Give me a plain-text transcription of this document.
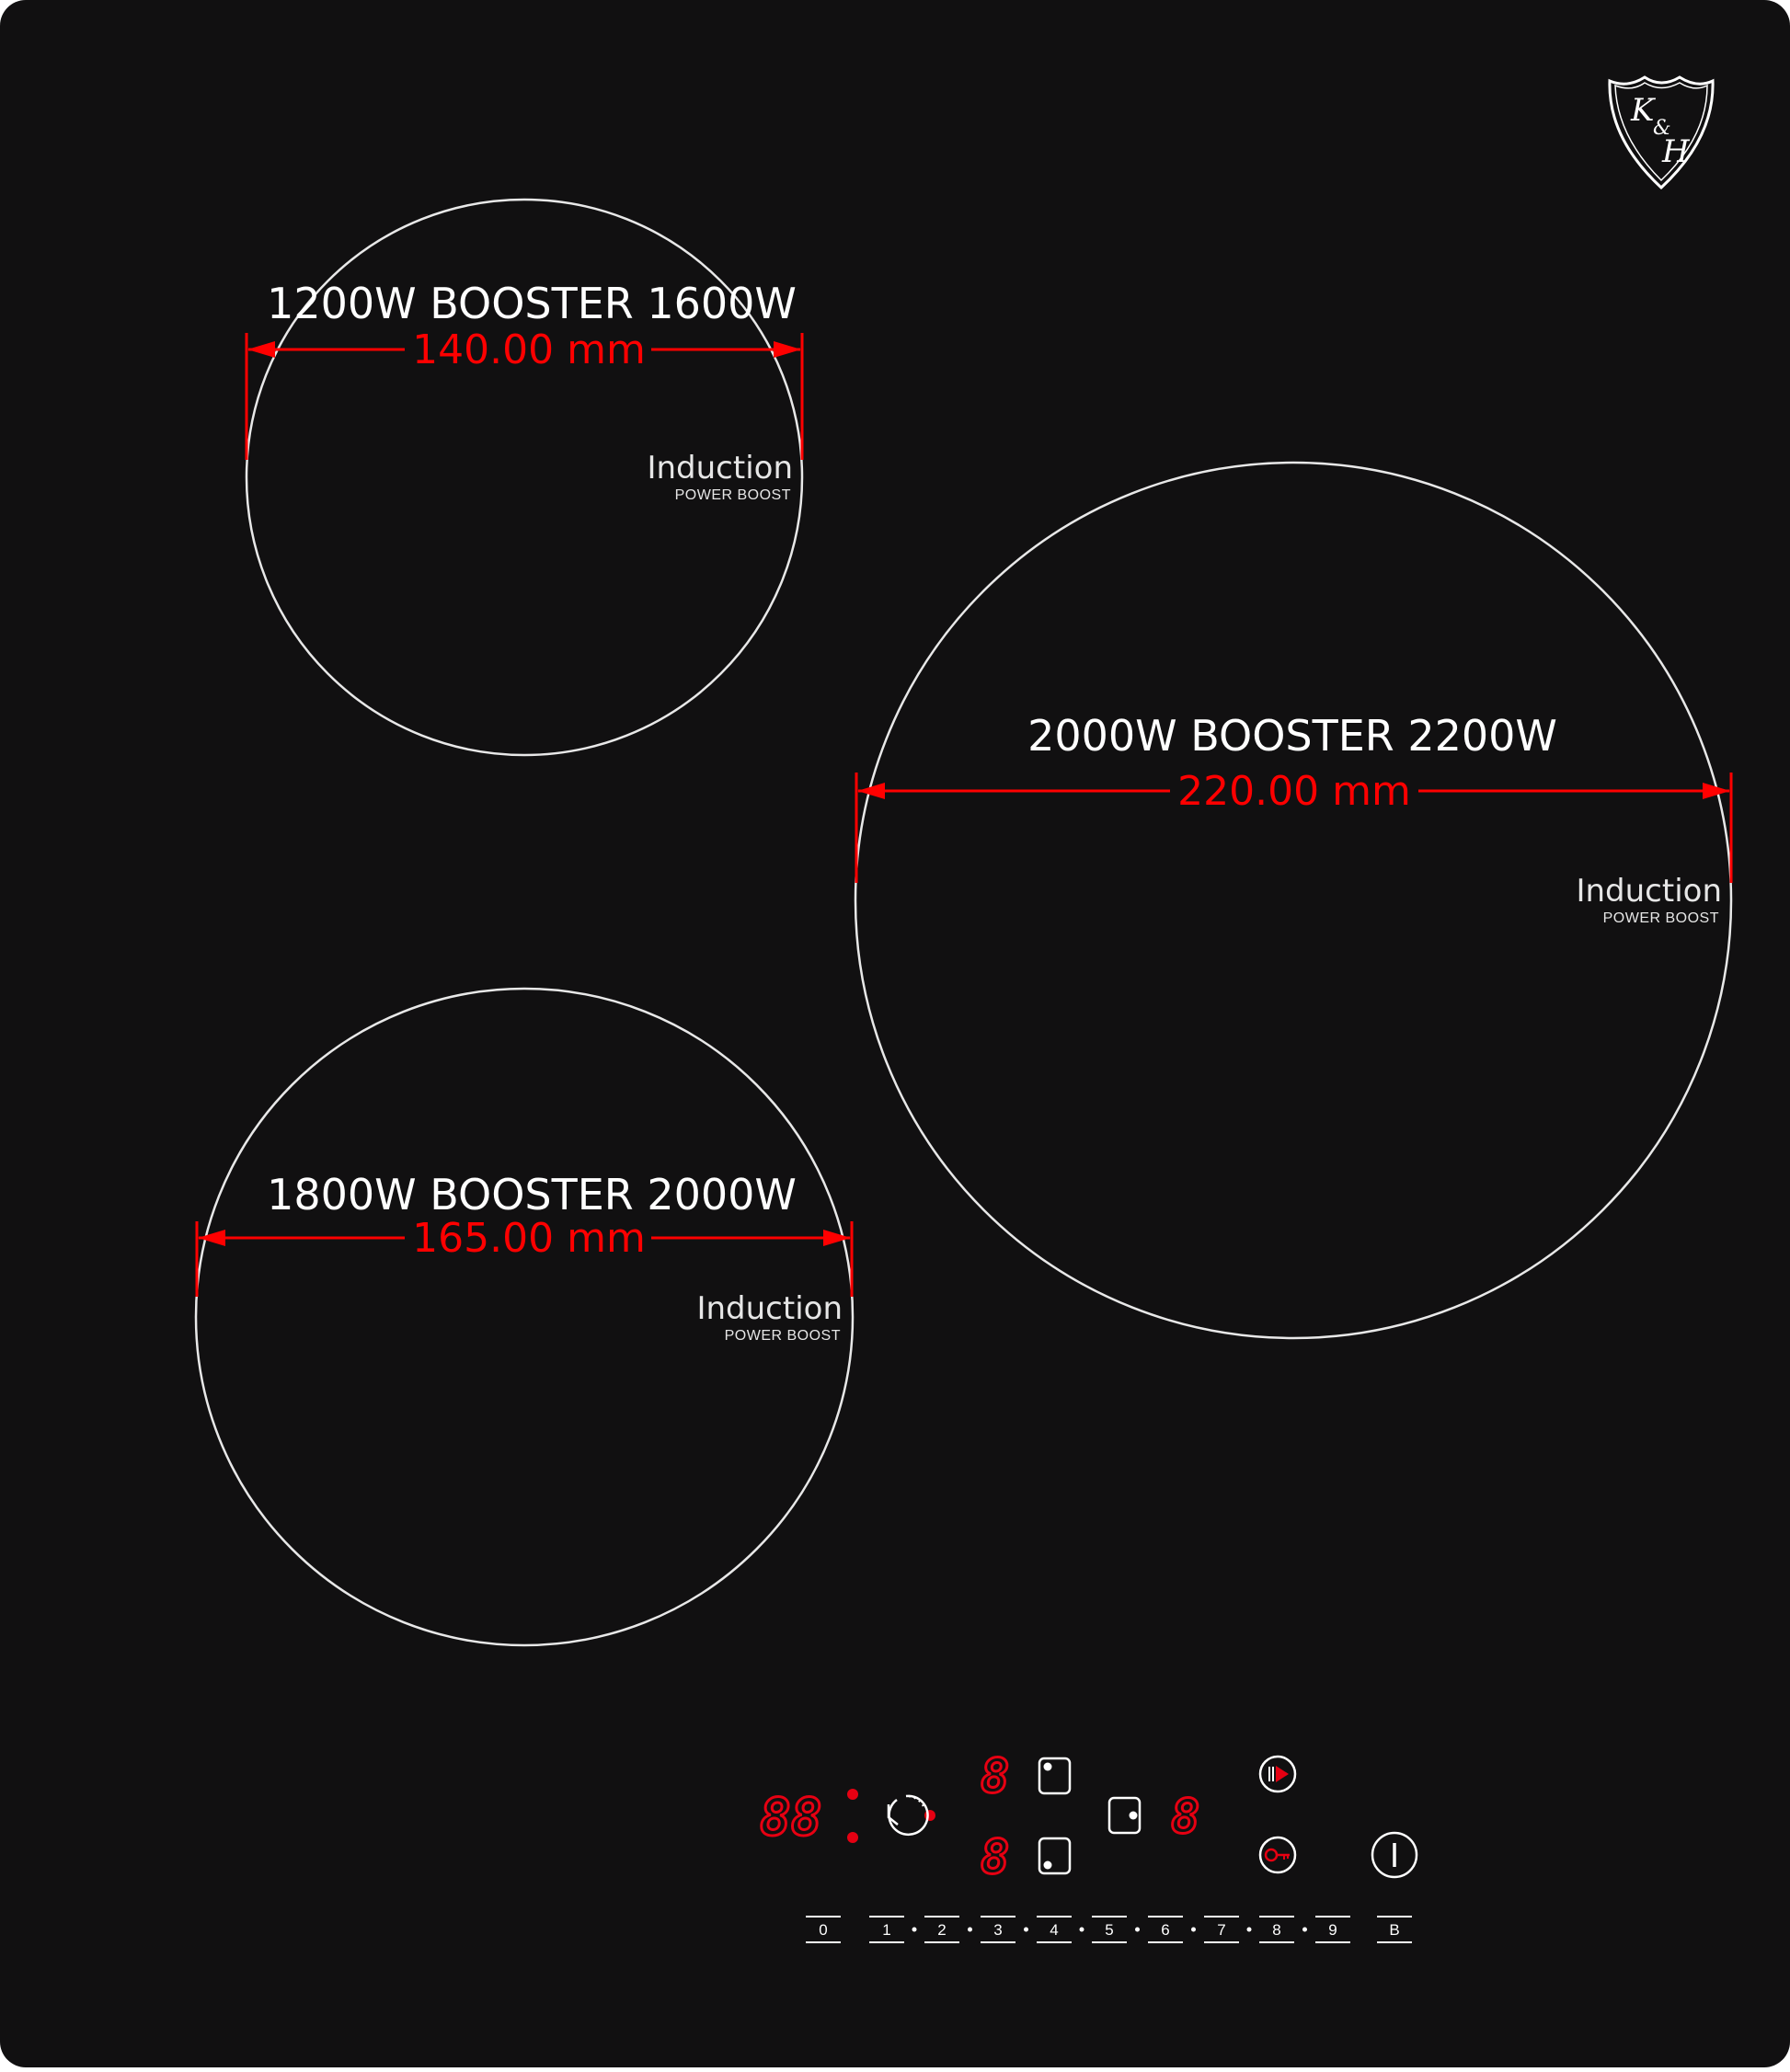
K
&
H
1200W BOOSTER 1600W
140.00 mm
Induction
POWER BOOST
2000W BOOSTER 2200W
220.00 mm
Induction
POWER BOOST
1800W BOOSTER 2000W
165.00 mm
Induction
POWER BOOST
88
8
8
8
0	1	2	3	4	5	6	7	8	9	B
